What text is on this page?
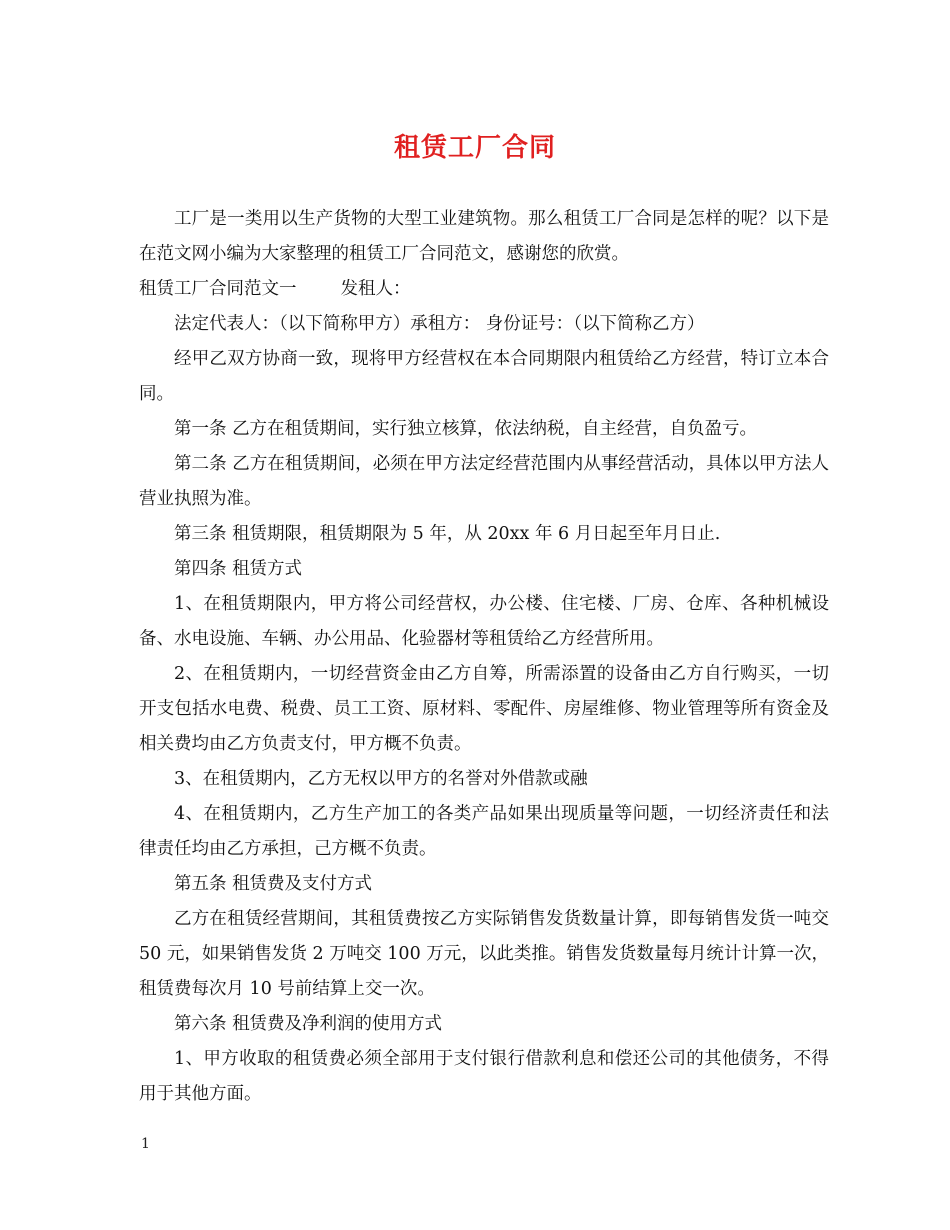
租赁工厂合同

工厂是一类用以生产货物的大型工业建筑物。那么租赁工厂合同是怎样的呢？以下是在范文网小编为大家整理的租赁工厂合同范文，感谢您的欣赏。

租赁工厂合同范文一	发租人：

法定代表人：（以下简称甲方）承租方： 身份证号：（以下简称乙方）

经甲乙双方协商一致，现将甲方经营权在本合同期限内租赁给乙方经营，特订立本合同。

第一条 乙方在租赁期间，实行独立核算，依法纳税，自主经营，自负盈亏。

第二条 乙方在租赁期间，必须在甲方法定经营范围内从事经营活动，具体以甲方法人营业执照为准。

第三条 租赁期限，租赁期限为 5 年，从 20xx 年 6 月日起至年月日止.

第四条 租赁方式

1、在租赁期限内，甲方将公司经营权，办公楼、住宅楼、厂房、仓库、各种机械设备、水电设施、车辆、办公用品、化验器材等租赁给乙方经营所用。

2、在租赁期内，一切经营资金由乙方自筹，所需添置的设备由乙方自行购买，一切开支包括水电费、税费、员工工资、原材料、零配件、房屋维修、物业管理等所有资金及相关费均由乙方负责支付，甲方概不负责。

3、在租赁期内，乙方无权以甲方的名誉对外借款或融

4、在租赁期内，乙方生产加工的各类产品如果出现质量等问题，一切经济责任和法律责任均由乙方承担，己方概不负责。

第五条 租赁费及支付方式

乙方在租赁经营期间，其租赁费按乙方实际销售发货数量计算，即每销售发货一吨交 50 元，如果销售发货 2 万吨交 100 万元，以此类推。销售发货数量每月统计计算一次，租赁费每次月 10 号前结算上交一次。

第六条 租赁费及净利润的使用方式

1、甲方收取的租赁费必须全部用于支付银行借款利息和偿还公司的其他债务，不得用于其他方面。

1
